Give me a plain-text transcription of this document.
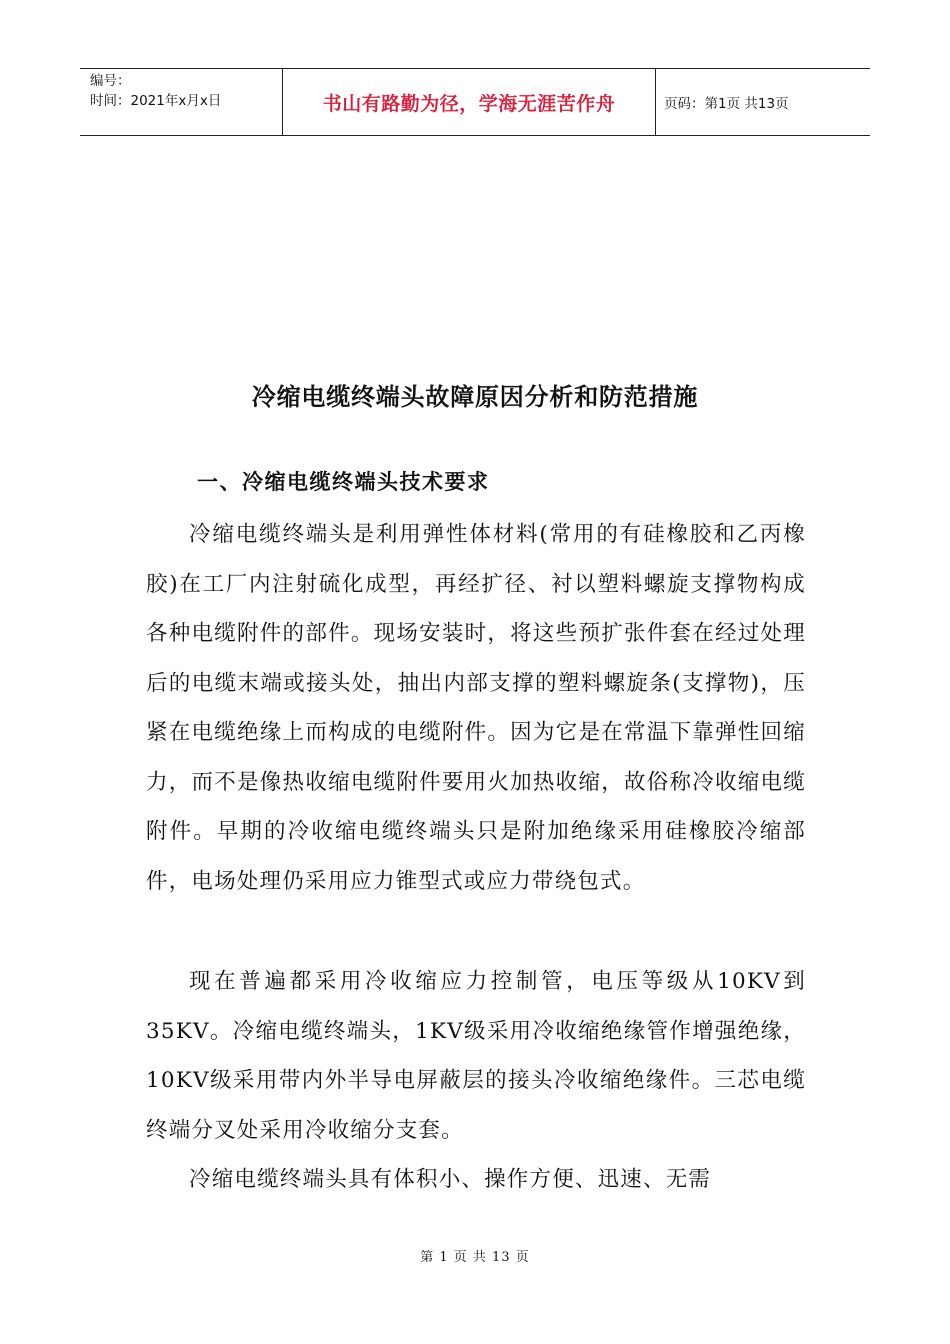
编号：
时间：2021年x月x日	书山有路勤为径，学海无涯苦作舟	页码：第1页 共13页
冷缩电缆终端头故障原因分析和防范措施
一、冷缩电缆终端头技术要求

冷缩电缆终端头是利用弹性体材料(常用的有硅橡胶和乙丙橡胶)在工厂内注射硫化成型，再经扩径、衬以塑料螺旋支撑物构成各种电缆附件的部件。现场安装时，将这些预扩张件套在经过处理后的电缆末端或接头处，抽出内部支撑的塑料螺旋条(支撑物)，压紧在电缆绝缘上而构成的电缆附件。因为它是在常温下靠弹性回缩力，而不是像热收缩电缆附件要用火加热收缩，故俗称冷收缩电缆附件。早期的冷收缩电缆终端头只是附加绝缘采用硅橡胶冷缩部件，电场处理仍采用应力锥型式或应力带绕包式。

现在普遍都采用冷收缩应力控制管，电压等级从10KV到35KV。冷缩电缆终端头，1KV级采用冷收缩绝缘管作增强绝缘，10KV级采用带内外半导电屏蔽层的接头冷收缩绝缘件。三芯电缆终端分叉处采用冷收缩分支套。

冷缩电缆终端头具有体积小、操作方便、迅速、无需

第 1 页 共 13 页
